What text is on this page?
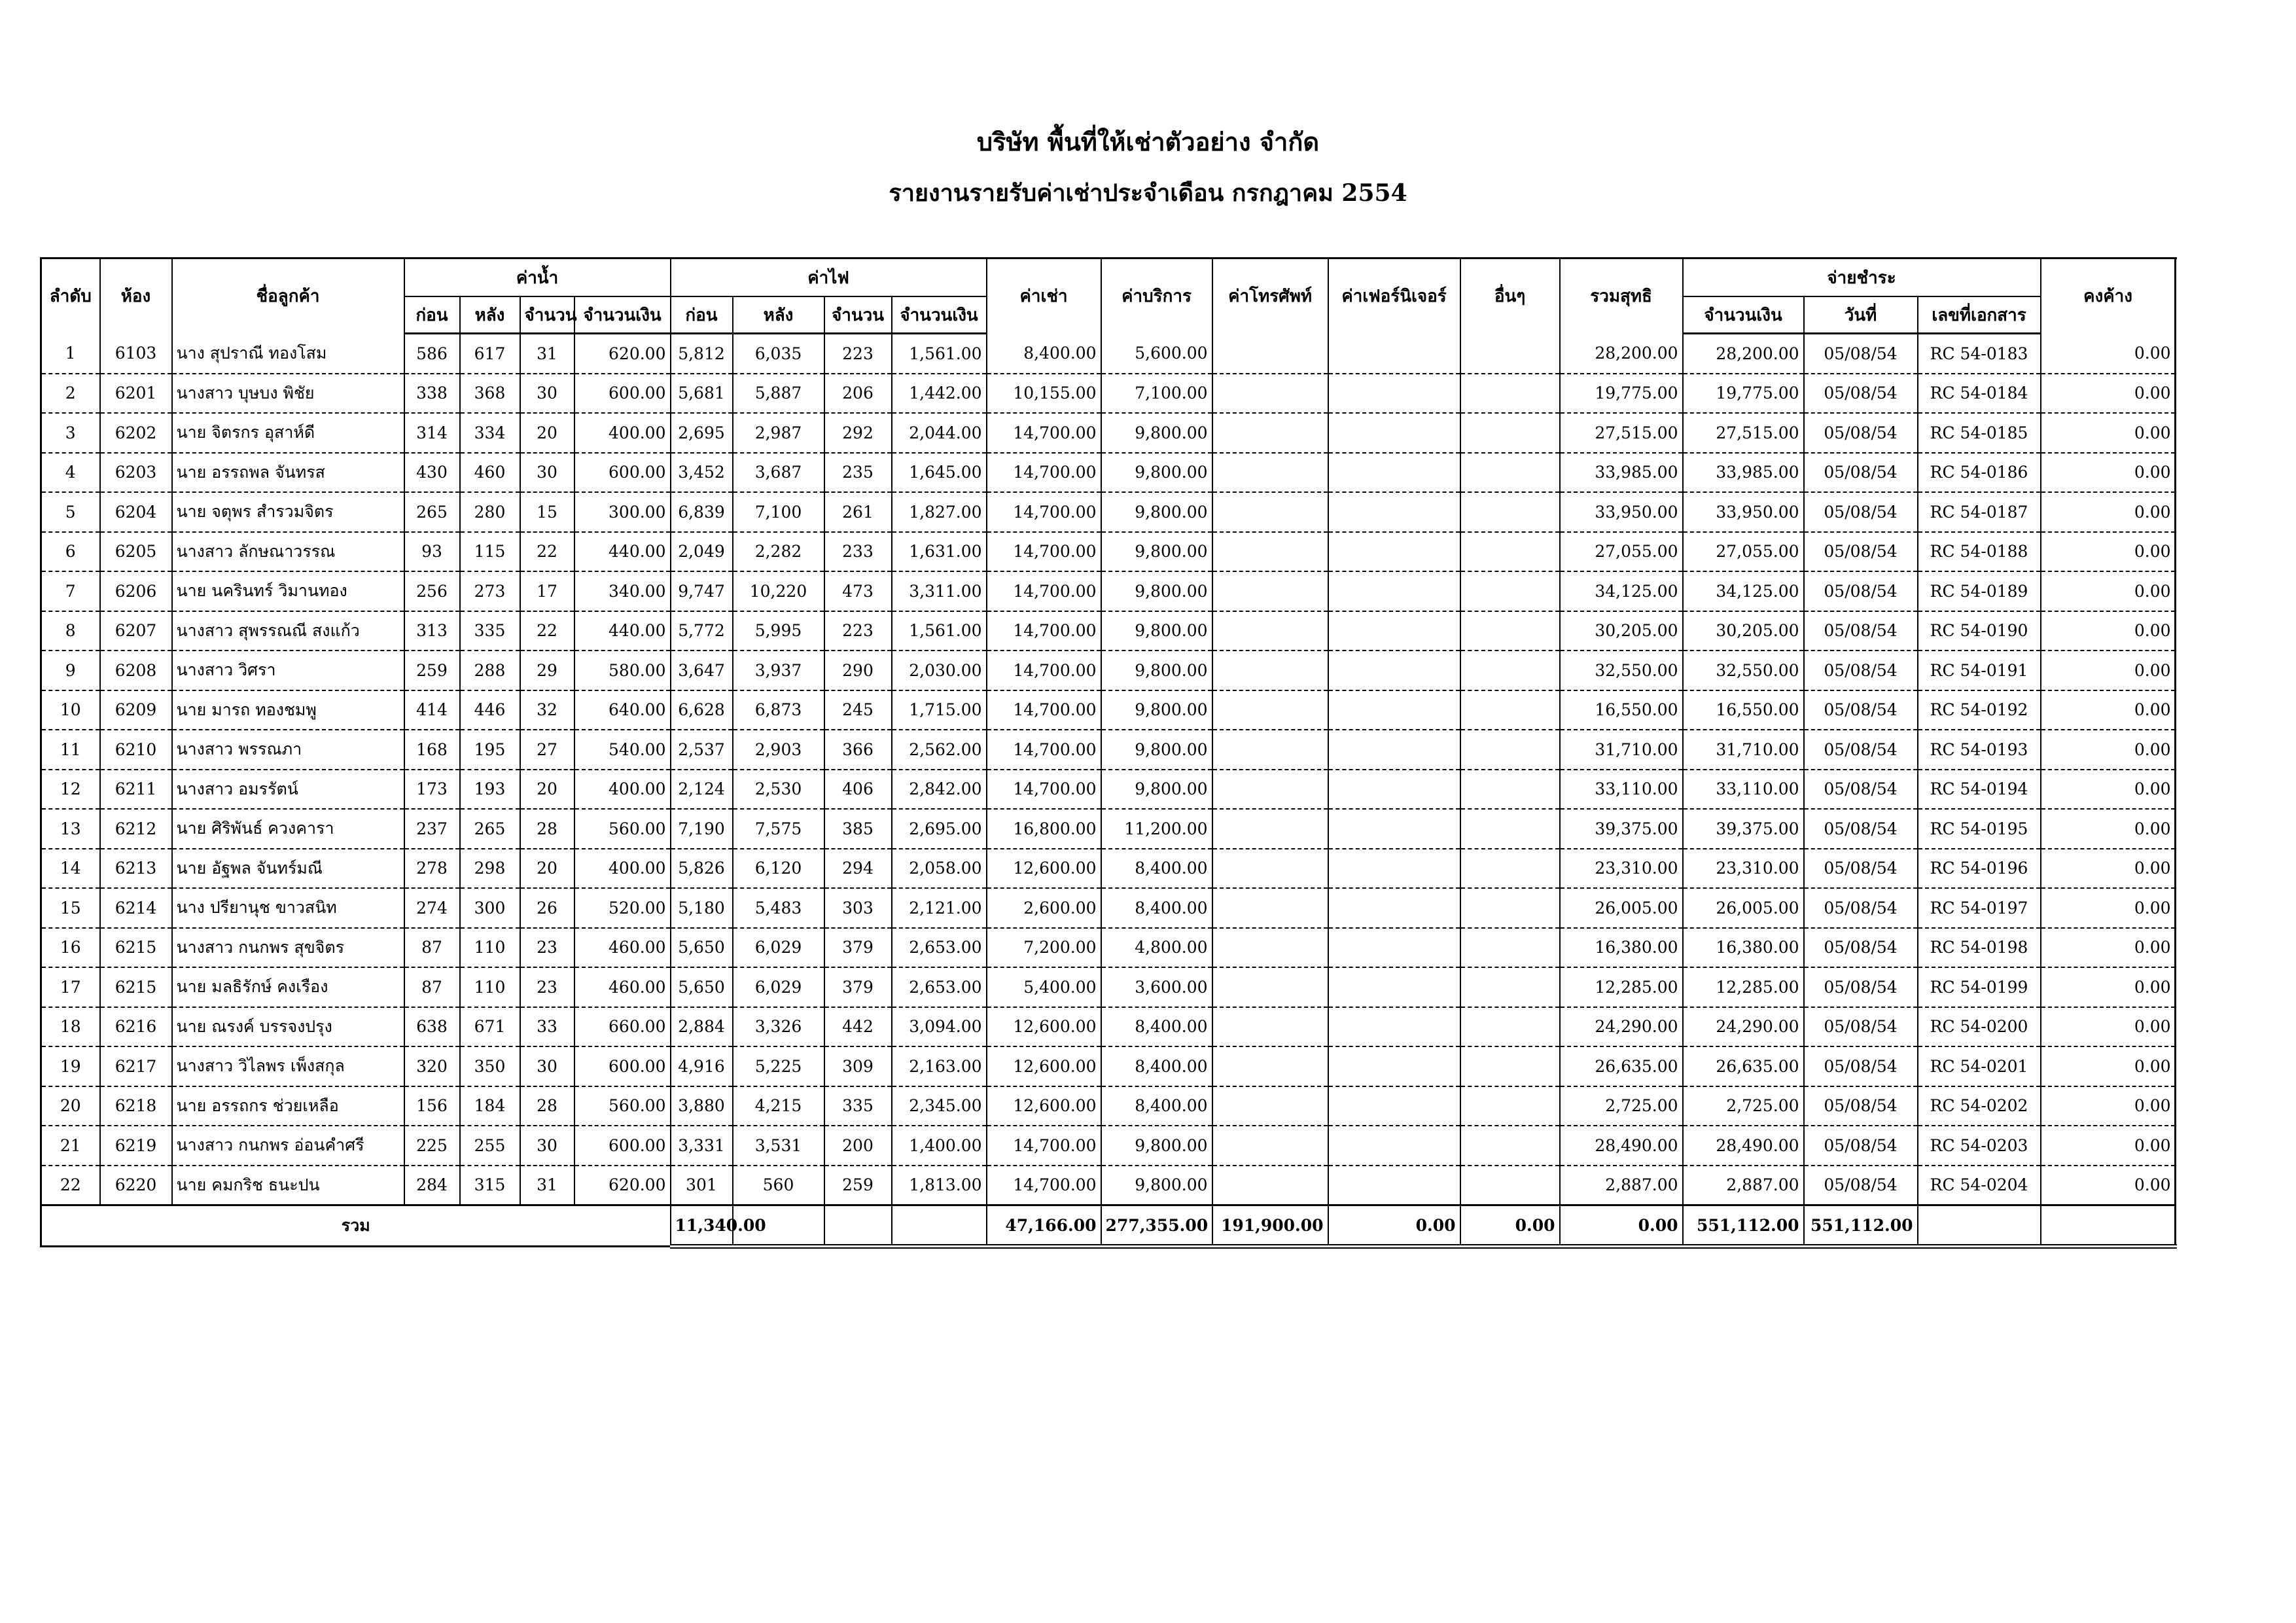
บริษัท พื้นที่ให้เช่าตัวอย่าง จำกัด
รายงานรายรับค่าเช่าประจำเดือน กรกฎาคม 2554
ลำดับ	ห้อง	ชื่อลูกค้า	ค่าน้ำ				ค่าไฟ				ค่าเช่า	ค่าบริการ	ค่าโทรศัพท์	ค่าเฟอร์นิเจอร์	อื่นๆ	รวมสุทธิ	จ่ายชำระ			คงค้าง	
			ก่อน	หลัง	จำนวน	จำนวนเงิน	ก่อน	หลัง	จำนวน	จำนวนเงิน							จำนวนเงิน	วันที่	เลขที่เอกสาร		
1	6103	นาง สุปราณี ทองโสม	586	617	31	620.00	5,812	6,035	223	1,561.00	8,400.00	5,600.00				28,200.00	28,200.00	05/08/54	RC 54-0183	0.00	
2	6201	นางสาว บุษบง พิชัย	338	368	30	600.00	5,681	5,887	206	1,442.00	10,155.00	7,100.00				19,775.00	19,775.00	05/08/54	RC 54-0184	0.00	
3	6202	นาย จิตรกร อุสาห์ดี	314	334	20	400.00	2,695	2,987	292	2,044.00	14,700.00	9,800.00				27,515.00	27,515.00	05/08/54	RC 54-0185	0.00	
4	6203	นาย อรรถพล จันทรส	430	460	30	600.00	3,452	3,687	235	1,645.00	14,700.00	9,800.00				33,985.00	33,985.00	05/08/54	RC 54-0186	0.00	
5	6204	นาย จตุพร สำรวมจิตร	265	280	15	300.00	6,839	7,100	261	1,827.00	14,700.00	9,800.00				33,950.00	33,950.00	05/08/54	RC 54-0187	0.00	
6	6205	นางสาว ลักษณาวรรณ	93	115	22	440.00	2,049	2,282	233	1,631.00	14,700.00	9,800.00				27,055.00	27,055.00	05/08/54	RC 54-0188	0.00	
7	6206	นาย นครินทร์ วิมานทอง	256	273	17	340.00	9,747	10,220	473	3,311.00	14,700.00	9,800.00				34,125.00	34,125.00	05/08/54	RC 54-0189	0.00	
8	6207	นางสาว สุพรรณณี สงแก้ว	313	335	22	440.00	5,772	5,995	223	1,561.00	14,700.00	9,800.00				30,205.00	30,205.00	05/08/54	RC 54-0190	0.00	
9	6208	นางสาว วิศรา	259	288	29	580.00	3,647	3,937	290	2,030.00	14,700.00	9,800.00				32,550.00	32,550.00	05/08/54	RC 54-0191	0.00	
10	6209	นาย มารถ ทองชมพู	414	446	32	640.00	6,628	6,873	245	1,715.00	14,700.00	9,800.00				16,550.00	16,550.00	05/08/54	RC 54-0192	0.00	
11	6210	นางสาว พรรณภา	168	195	27	540.00	2,537	2,903	366	2,562.00	14,700.00	9,800.00				31,710.00	31,710.00	05/08/54	RC 54-0193	0.00	
12	6211	นางสาว อมรรัตน์	173	193	20	400.00	2,124	2,530	406	2,842.00	14,700.00	9,800.00				33,110.00	33,110.00	05/08/54	RC 54-0194	0.00	
13	6212	นาย ศิริพันธ์ ควงคารา	237	265	28	560.00	7,190	7,575	385	2,695.00	16,800.00	11,200.00				39,375.00	39,375.00	05/08/54	RC 54-0195	0.00	
14	6213	นาย อัฐพล จันทร์มณี	278	298	20	400.00	5,826	6,120	294	2,058.00	12,600.00	8,400.00				23,310.00	23,310.00	05/08/54	RC 54-0196	0.00	
15	6214	นาง ปรียานุช ขาวสนิท	274	300	26	520.00	5,180	5,483	303	2,121.00	2,600.00	8,400.00				26,005.00	26,005.00	05/08/54	RC 54-0197	0.00	
16	6215	นางสาว กนกพร สุขจิตร	87	110	23	460.00	5,650	6,029	379	2,653.00	7,200.00	4,800.00				16,380.00	16,380.00	05/08/54	RC 54-0198	0.00	
17	6215	นาย มลธิรักษ์ คงเรือง	87	110	23	460.00	5,650	6,029	379	2,653.00	5,400.00	3,600.00				12,285.00	12,285.00	05/08/54	RC 54-0199	0.00	
18	6216	นาย ณรงค์ บรรจงปรุง	638	671	33	660.00	2,884	3,326	442	3,094.00	12,600.00	8,400.00				24,290.00	24,290.00	05/08/54	RC 54-0200	0.00	
19	6217	นางสาว วิไลพร เพ็งสกุล	320	350	30	600.00	4,916	5,225	309	2,163.00	12,600.00	8,400.00				26,635.00	26,635.00	05/08/54	RC 54-0201	0.00	
20	6218	นาย อรรถกร ช่วยเหลือ	156	184	28	560.00	3,880	4,215	335	2,345.00	12,600.00	8,400.00				2,725.00	2,725.00	05/08/54	RC 54-0202	0.00	
21	6219	นางสาว กนกพร อ่อนคำศรี	225	255	30	600.00	3,331	3,531	200	1,400.00	14,700.00	9,800.00				28,490.00	28,490.00	05/08/54	RC 54-0203	0.00	
22	6220	นาย คมกริช ธนะปน	284	315	31	620.00	301	560	259	1,813.00	14,700.00	9,800.00				2,887.00	2,887.00	05/08/54	RC 54-0204	0.00	
รวม							11,340.00				47,166.00	277,355.00	191,900.00	0.00	0.00	0.00	551,112.00	551,112.00			
